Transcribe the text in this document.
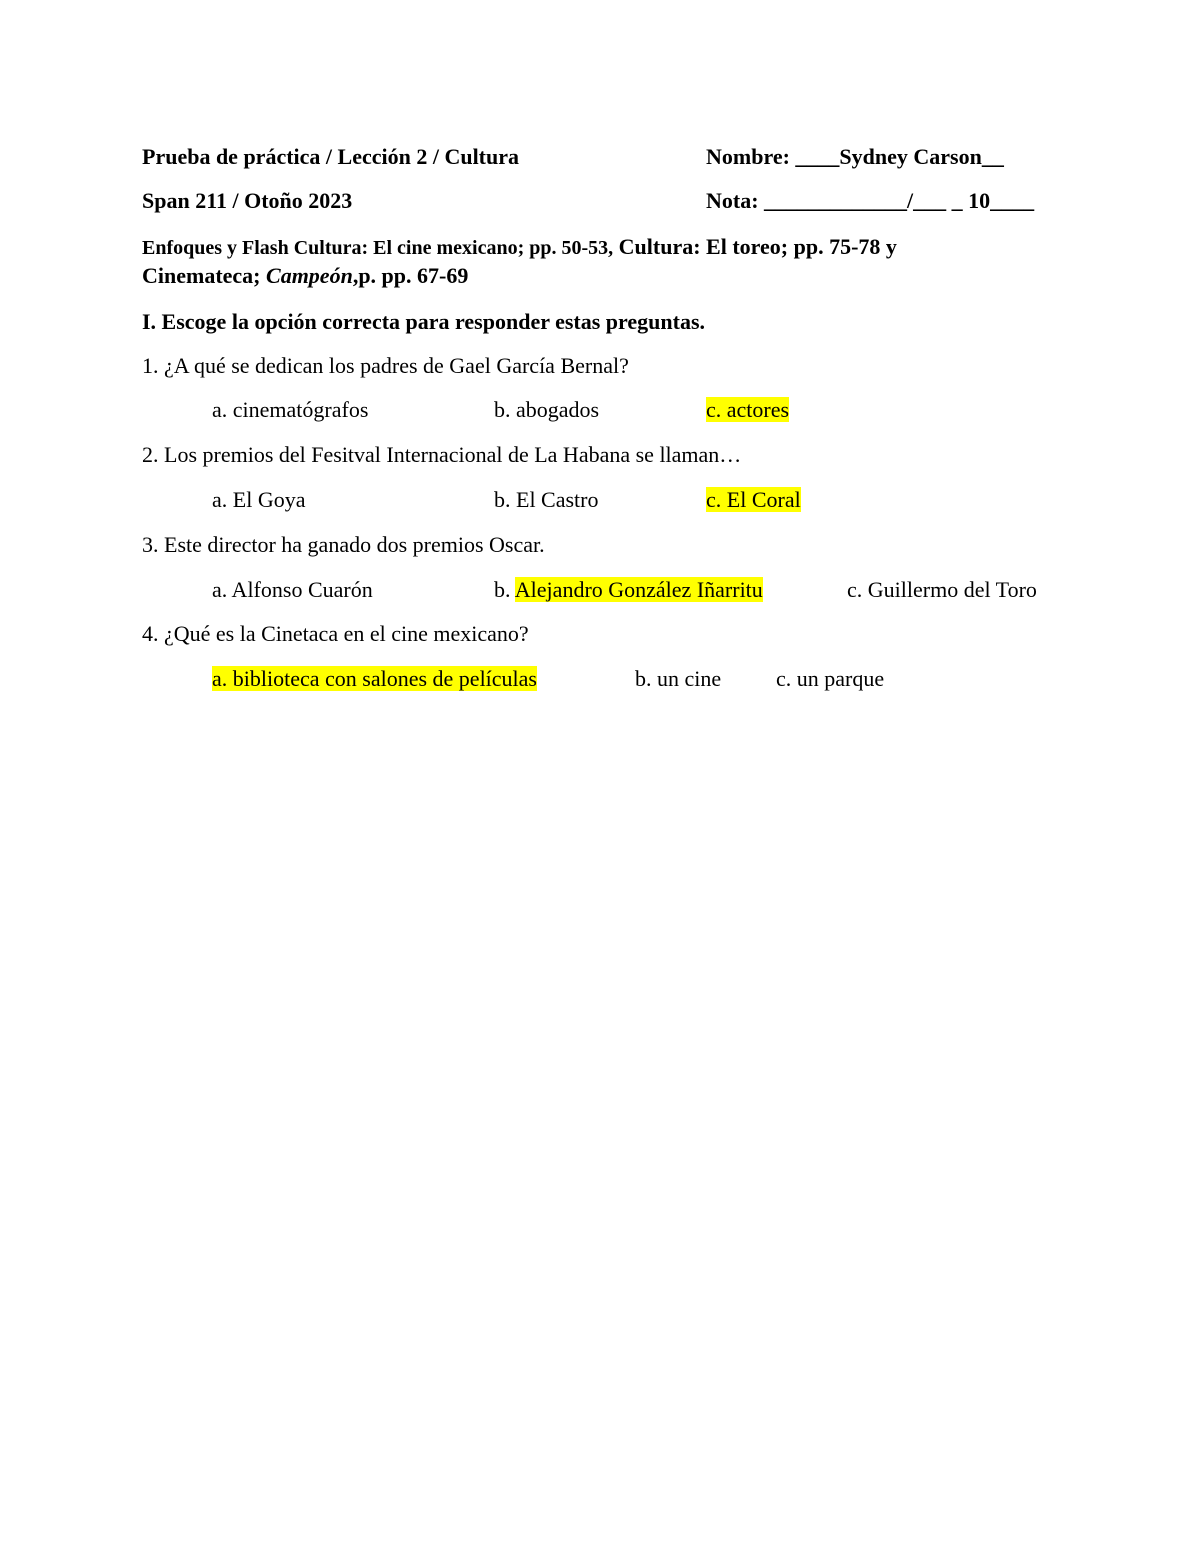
Prueba de práctica / Lección 2 / Cultura	Nombre: ____Sydney Carson__
Span 211 / Otoño 2023	Nota: _____________/___ _ 10____
Enfoques y Flash Cultura: El cine mexicano; pp. 50-53, Cultura: El toreo; pp. 75-78 y
Cinemateca; Campeón,p. pp. 67-69
I. Escoge la opción correcta para responder estas preguntas.
1. ¿A qué se dedican los padres de Gael García Bernal?
a. cinematógrafos	b. abogados	c. actores
2. Los premios del Fesitval Internacional de La Habana se llaman…
a. El Goya	b. El Castro	c. El Coral
3. Este director ha ganado dos premios Oscar.
a. Alfonso Cuarón	b. Alejandro González Iñarritu	c. Guillermo del Toro
4. ¿Qué es la Cinetaca en el cine mexicano?
a. biblioteca con salones de películas	b. un cine c. un parque
